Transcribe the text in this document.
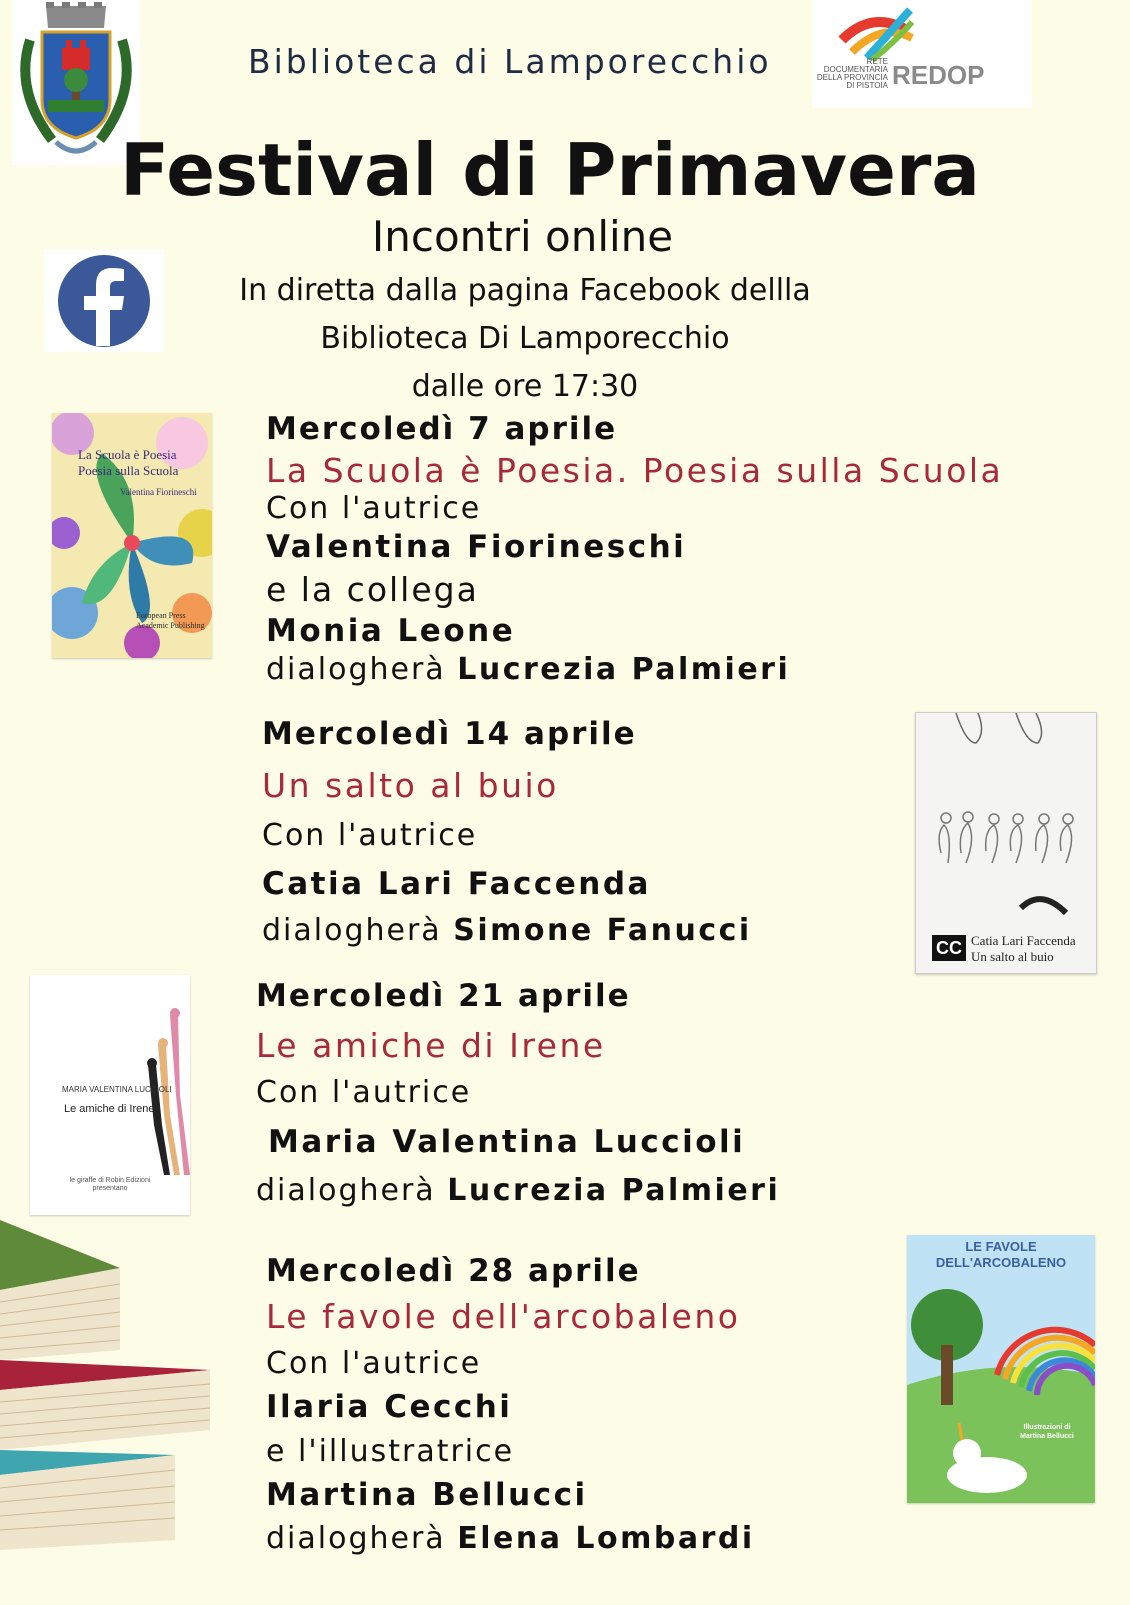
Biblioteca di Lamporecchio	RETE
DOCUMENTARIA
DELLA PROVINCIA
DI PISTOIA REDOP
Festival di Primavera
Incontri online
In diretta dalla pagina Facebook dellla
Biblioteca Di Lamporecchio
dalle ore 17:30
La Scuola è Poesia
Poesia sulla Scuola
Valentina Fiorineschi
European Press
Academic Publishing
Mercoledì 7 aprile
La Scuola è Poesia. Poesia sulla Scuola
Con l'autrice
Valentina Fiorineschi
e la collega
Monia Leone
dialogherà Lucrezia Palmieri
Mercoledì 14 aprile
Un salto al buio
Con l'autrice
Catia Lari Faccenda
dialogherà Simone Fanucci	CC Catia Lari Faccenda
Un salto al buio
MARIA VALENTINA LUCCIOLI
Le amiche di Irene
le giraffe di Robin Edizioni
presentano
Mercoledì 21 aprile
Le amiche di Irene
Con l'autrice
Maria Valentina Luccioli
dialogherà Lucrezia Palmieri
Mercoledì 28 aprile
Le favole dell'arcobaleno
Con l'autrice
Ilaria Cecchi
e l'illustratrice
Martina Bellucci
dialogherà Elena Lombardi
LE FAVOLE
DELL'ARCOBALENO
Illustrazioni di
Martina Bellucci
